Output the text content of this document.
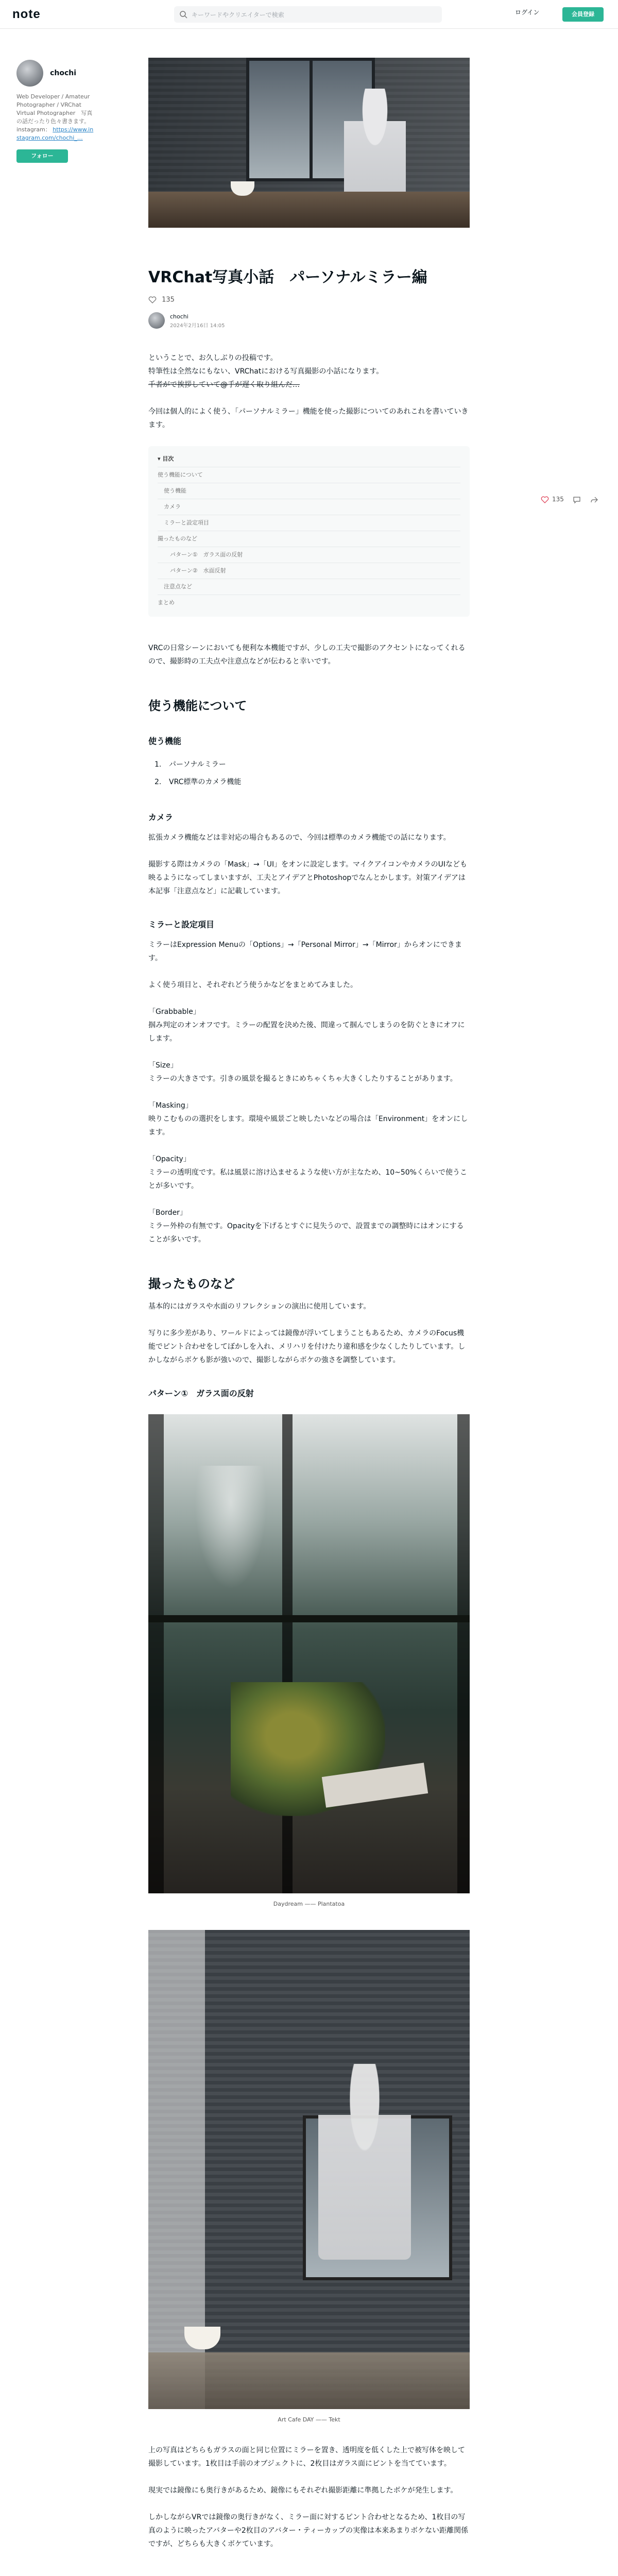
note	キーワードやクリエイターで検索	ログイン	会員登録
chochi
Web Developer / Amateur Photographer / VRChat Virtual Photographer　写真の話だったり色々書きます。　instagram： https://www.instagram.com/chochi_…
フォロー
VRChat写真小話　パーソナルミラー編
135
chochi
2024年2月16日 14:05
ということで、お久しぶりの投稿です。
特筆性は全然なにもない、VRChatにおける写真撮影の小話になります。
千者がで挨拶していて@手が遅く取り組んだ…
今回は個人的によく使う、「パーソナルミラー」機能を使った撮影についてのあれこれを書いていきます。
▾ 目次
使う機能について
使う機能
カメラ
ミラーと設定項目
撮ったものなど
パターン①　ガラス面の反射
パターン②　水面反射
注意点など
まとめ
VRCの日常シーンにおいても便利な本機能ですが、少しの工夫で撮影のアクセントになってくれるので、撮影時の工夫点や注意点などが伝わると幸いです。
使う機能について
使う機能
1. パーソナルミラー
2. VRC標準のカメラ機能
カメラ
拡張カメラ機能などは非対応の場合もあるので、今回は標準のカメラ機能での話になります。
撮影する際はカメラの「Mask」→「UI」をオンに設定します。マイクアイコンやカメラのUIなども映るようになってしまいますが、工夫とアイデアとPhotoshopでなんとかします。対策アイデアは本記事「注意点など」に記載しています。
ミラーと設定項目
ミラーはExpression Menuの「Options」→「Personal Mirror」→「Mirror」からオンにできます。
よく使う項目と、それぞれどう使うかなどをまとめてみました。
「Grabbable」
掴み判定のオンオフです。ミラーの配置を決めた後、間違って掴んでしまうのを防ぐときにオフにします。
「Size」
ミラーの大きさです。引きの風景を撮るときにめちゃくちゃ大きくしたりすることがあります。
「Masking」
映りこむものの選択をします。環境や風景ごと映したいなどの場合は「Environment」をオンにします。
「Opacity」
ミラーの透明度です。私は風景に溶け込ませるような使い方が主なため、10~50%くらいで使うことが多いです。
「Border」
ミラー外枠の有無です。Opacityを下げるとすぐに見失うので、設置までの調整時にはオンにすることが多いです。
撮ったものなど
基本的にはガラスや水面のリフレクションの演出に使用しています。
写りに多少差があり、ワールドによっては鏡像が浮いてしまうこともあるため、カメラのFocus機能でピント合わせをしてぼかしを入れ、メリハリを付けたり違和感を少なくしたりしています。しかしながらボケも影が強いので、撮影しながらボケの強さを調整しています。
パターン①　ガラス面の反射
Daydream —— Plantatoa
Art Cafe DAY —— Tekt
上の写真はどちらもガラスの面と同じ位置にミラーを置き、透明度を低くした上で被写体を映して撮影しています。1枚目は手前のオブジェクトに、2枚目はガラス面にピントを当てています。
現実では鏡像にも奥行きがあるため、鏡像にもそれぞれ撮影距離に準拠したボケが発生します。
しかしながらVRでは鏡像の奥行きがなく、ミラー面に対するピント合わせとなるため、1枚目の写真のように映ったアバターや2枚目のアバター・ティーカップの実像は本来あまりボケない距離関係ですが、どちらも大きくボケています。
135
